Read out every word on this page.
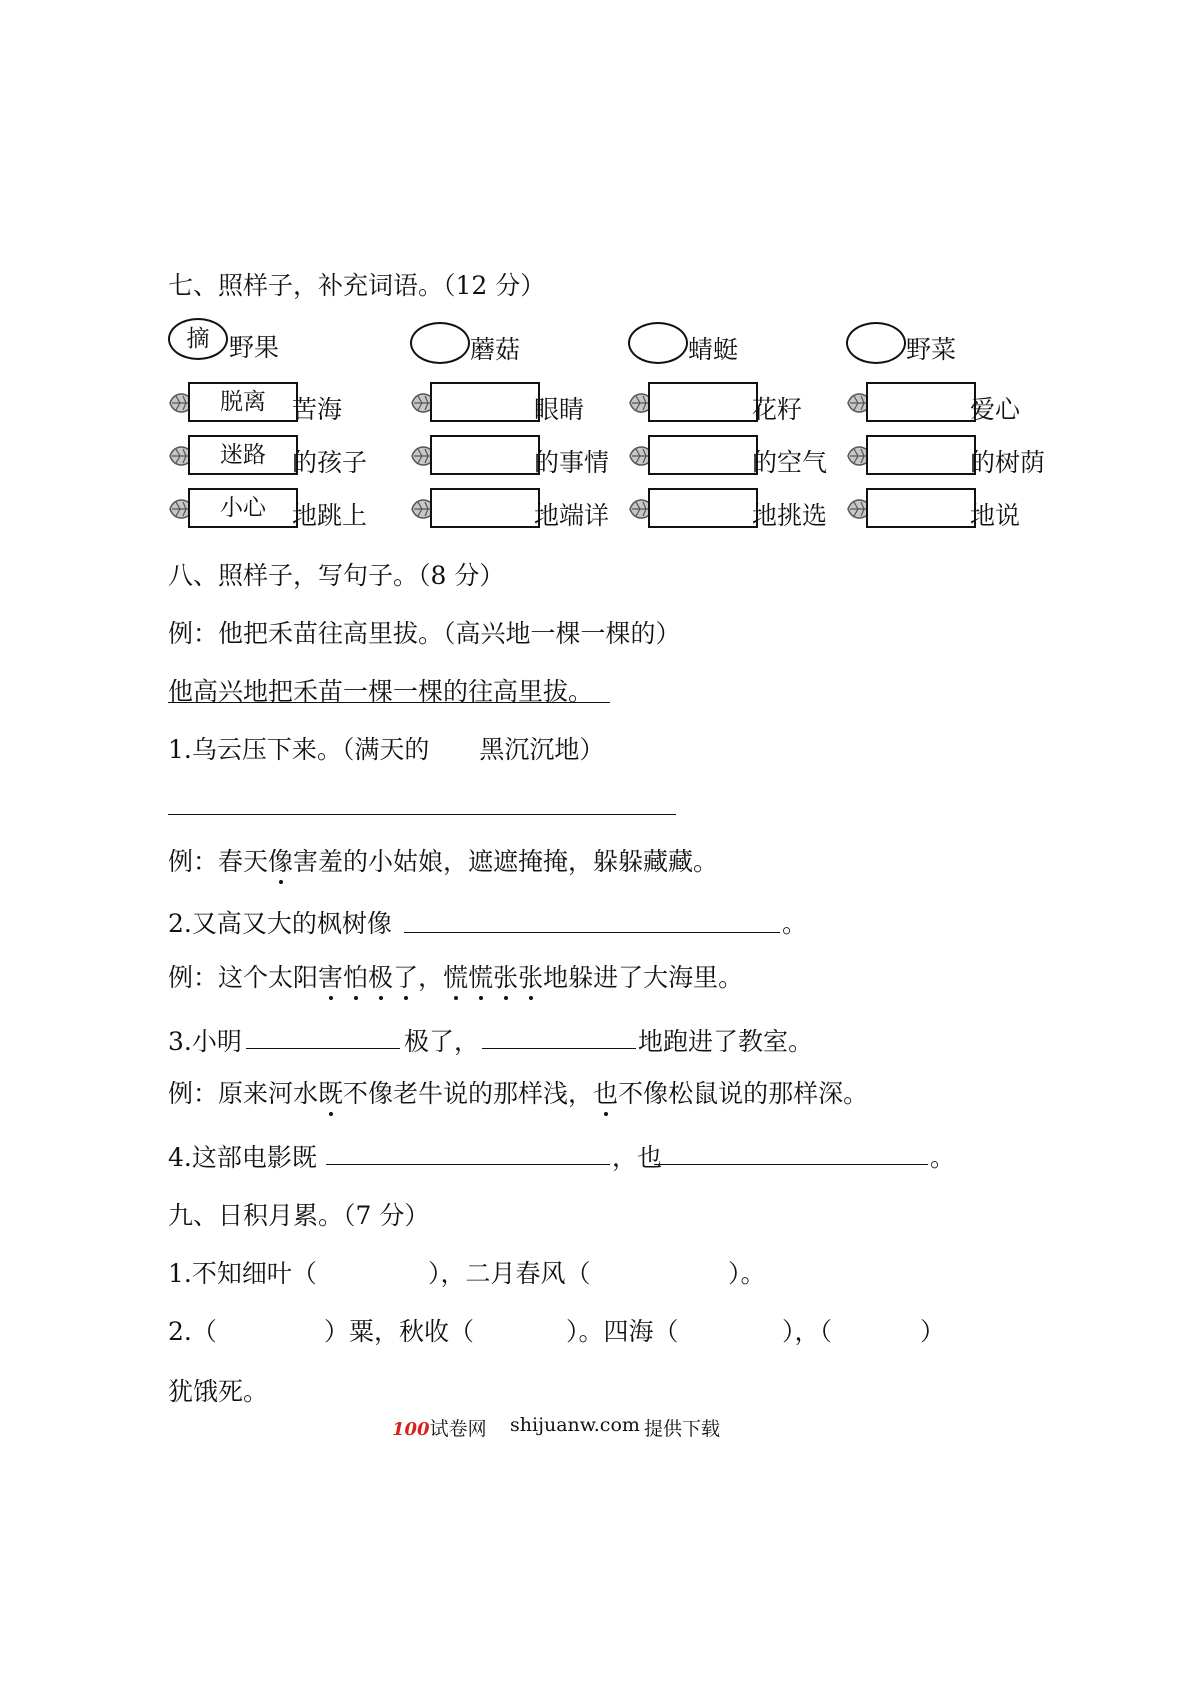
七、照样子，补充词语。（12 分）
摘 野果	蘑菇	蜻蜓	野菜
脱离	苦海	眼睛	花籽	爱心
迷路	的孩子	的事情	的空气	的树荫
小心	地跳上	地端详	地挑选	地说
八、照样子，写句子。（8 分）
例：他把禾苗往高里拔。（高兴地一棵一棵的）
他高兴地把禾苗一棵一棵的往高里拔。
1.乌云压下来。（满天的　　黑沉沉地）
例：春天像害羞的小姑娘，遮遮掩掩，躲躲藏藏。
2.又高又大的枫树像	。
例：这个太阳害怕极了，慌慌张张地躲进了大海里。
3.小明	极了，	地跑进了教室。
例：原来河水既不像老牛说的那样浅，也不像松鼠说的那样深。
4.这部电影既	，也	。
九、日积月累。（7 分）
1.不知细叶（	），二月春风（	）。
2.（	）粟，秋收（	）。四海（	），（	）
犹饿死。
100试卷网 shijuanw.com 提供下载
